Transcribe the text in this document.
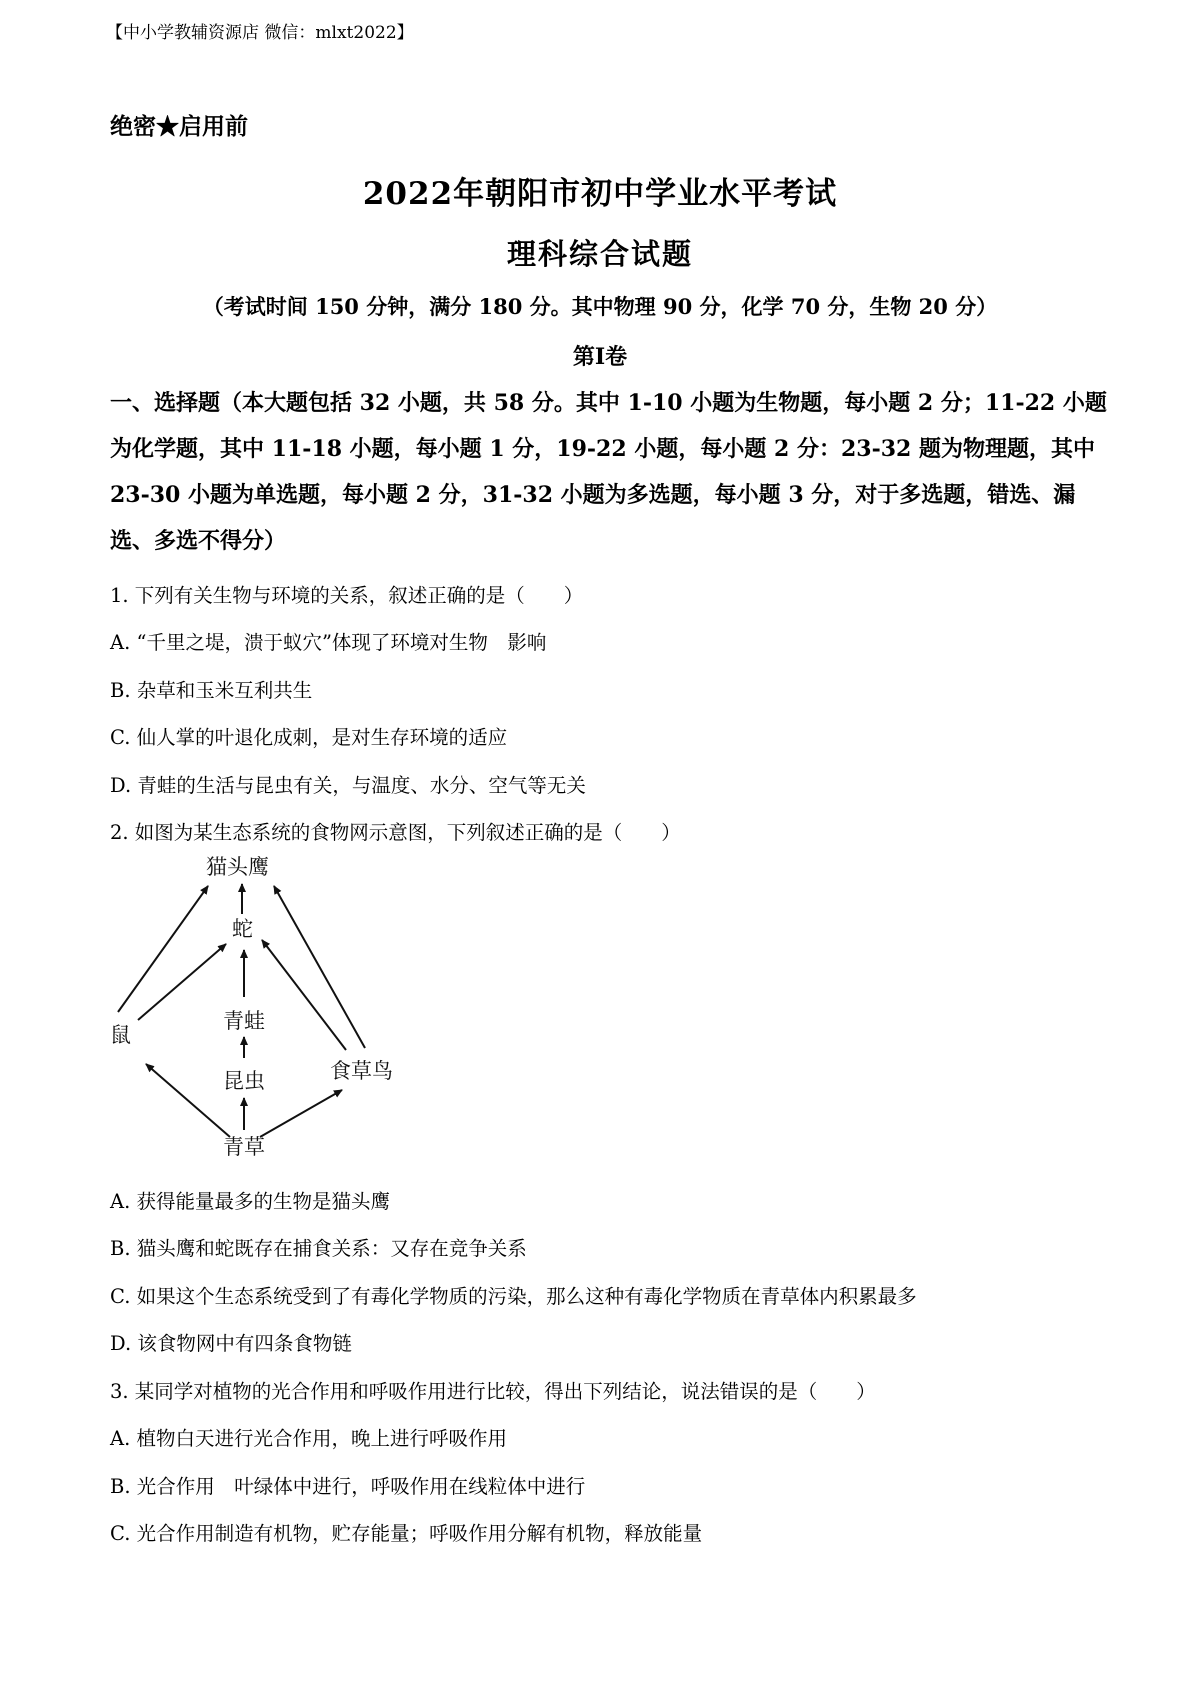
【中小学教辅资源店 微信：mlxt2022】
绝密★启用前
2022年朝阳市初中学业水平考试
理科综合试题
（考试时间 150 分钟，满分 180 分。其中物理 90 分，化学 70 分，生物 20 分）
第Ⅰ卷
一、选择题（本大题包括 32 小题，共 58 分。其中 1-10 小题为生物题，每小题 2 分；11-22 小题为化学题，其中 11-18 小题，每小题 1 分，19-22 小题，每小题 2 分：23-32 题为物理题，其中 23-30 小题为单选题，每小题 2 分，31-32 小题为多选题，每小题 3 分，对于多选题，错选、漏选、多选不得分）
1. 下列有关生物与环境的关系，叙述正确的是（　　）
A. “千里之堤，溃于蚁穴”体现了环境对生物　影响
B. 杂草和玉米互利共生
C. 仙人掌的叶退化成刺，是对生存环境的适应
D. 青蛙的生活与昆虫有关，与温度、水分、空气等无关
2. 如图为某生态系统的食物网示意图，下列叙述正确的是（　　）
猫头鹰
蛇
青蛙
鼠
昆虫	食草鸟
青草
A. 获得能量最多的生物是猫头鹰
B. 猫头鹰和蛇既存在捕食关系：又存在竞争关系
C. 如果这个生态系统受到了有毒化学物质的污染，那么这种有毒化学物质在青草体内积累最多
D. 该食物网中有四条食物链
3. 某同学对植物的光合作用和呼吸作用进行比较，得出下列结论，说法错误的是（　　）
A. 植物白天进行光合作用，晚上进行呼吸作用
B. 光合作用　叶绿体中进行，呼吸作用在线粒体中进行
C. 光合作用制造有机物，贮存能量；呼吸作用分解有机物，释放能量
